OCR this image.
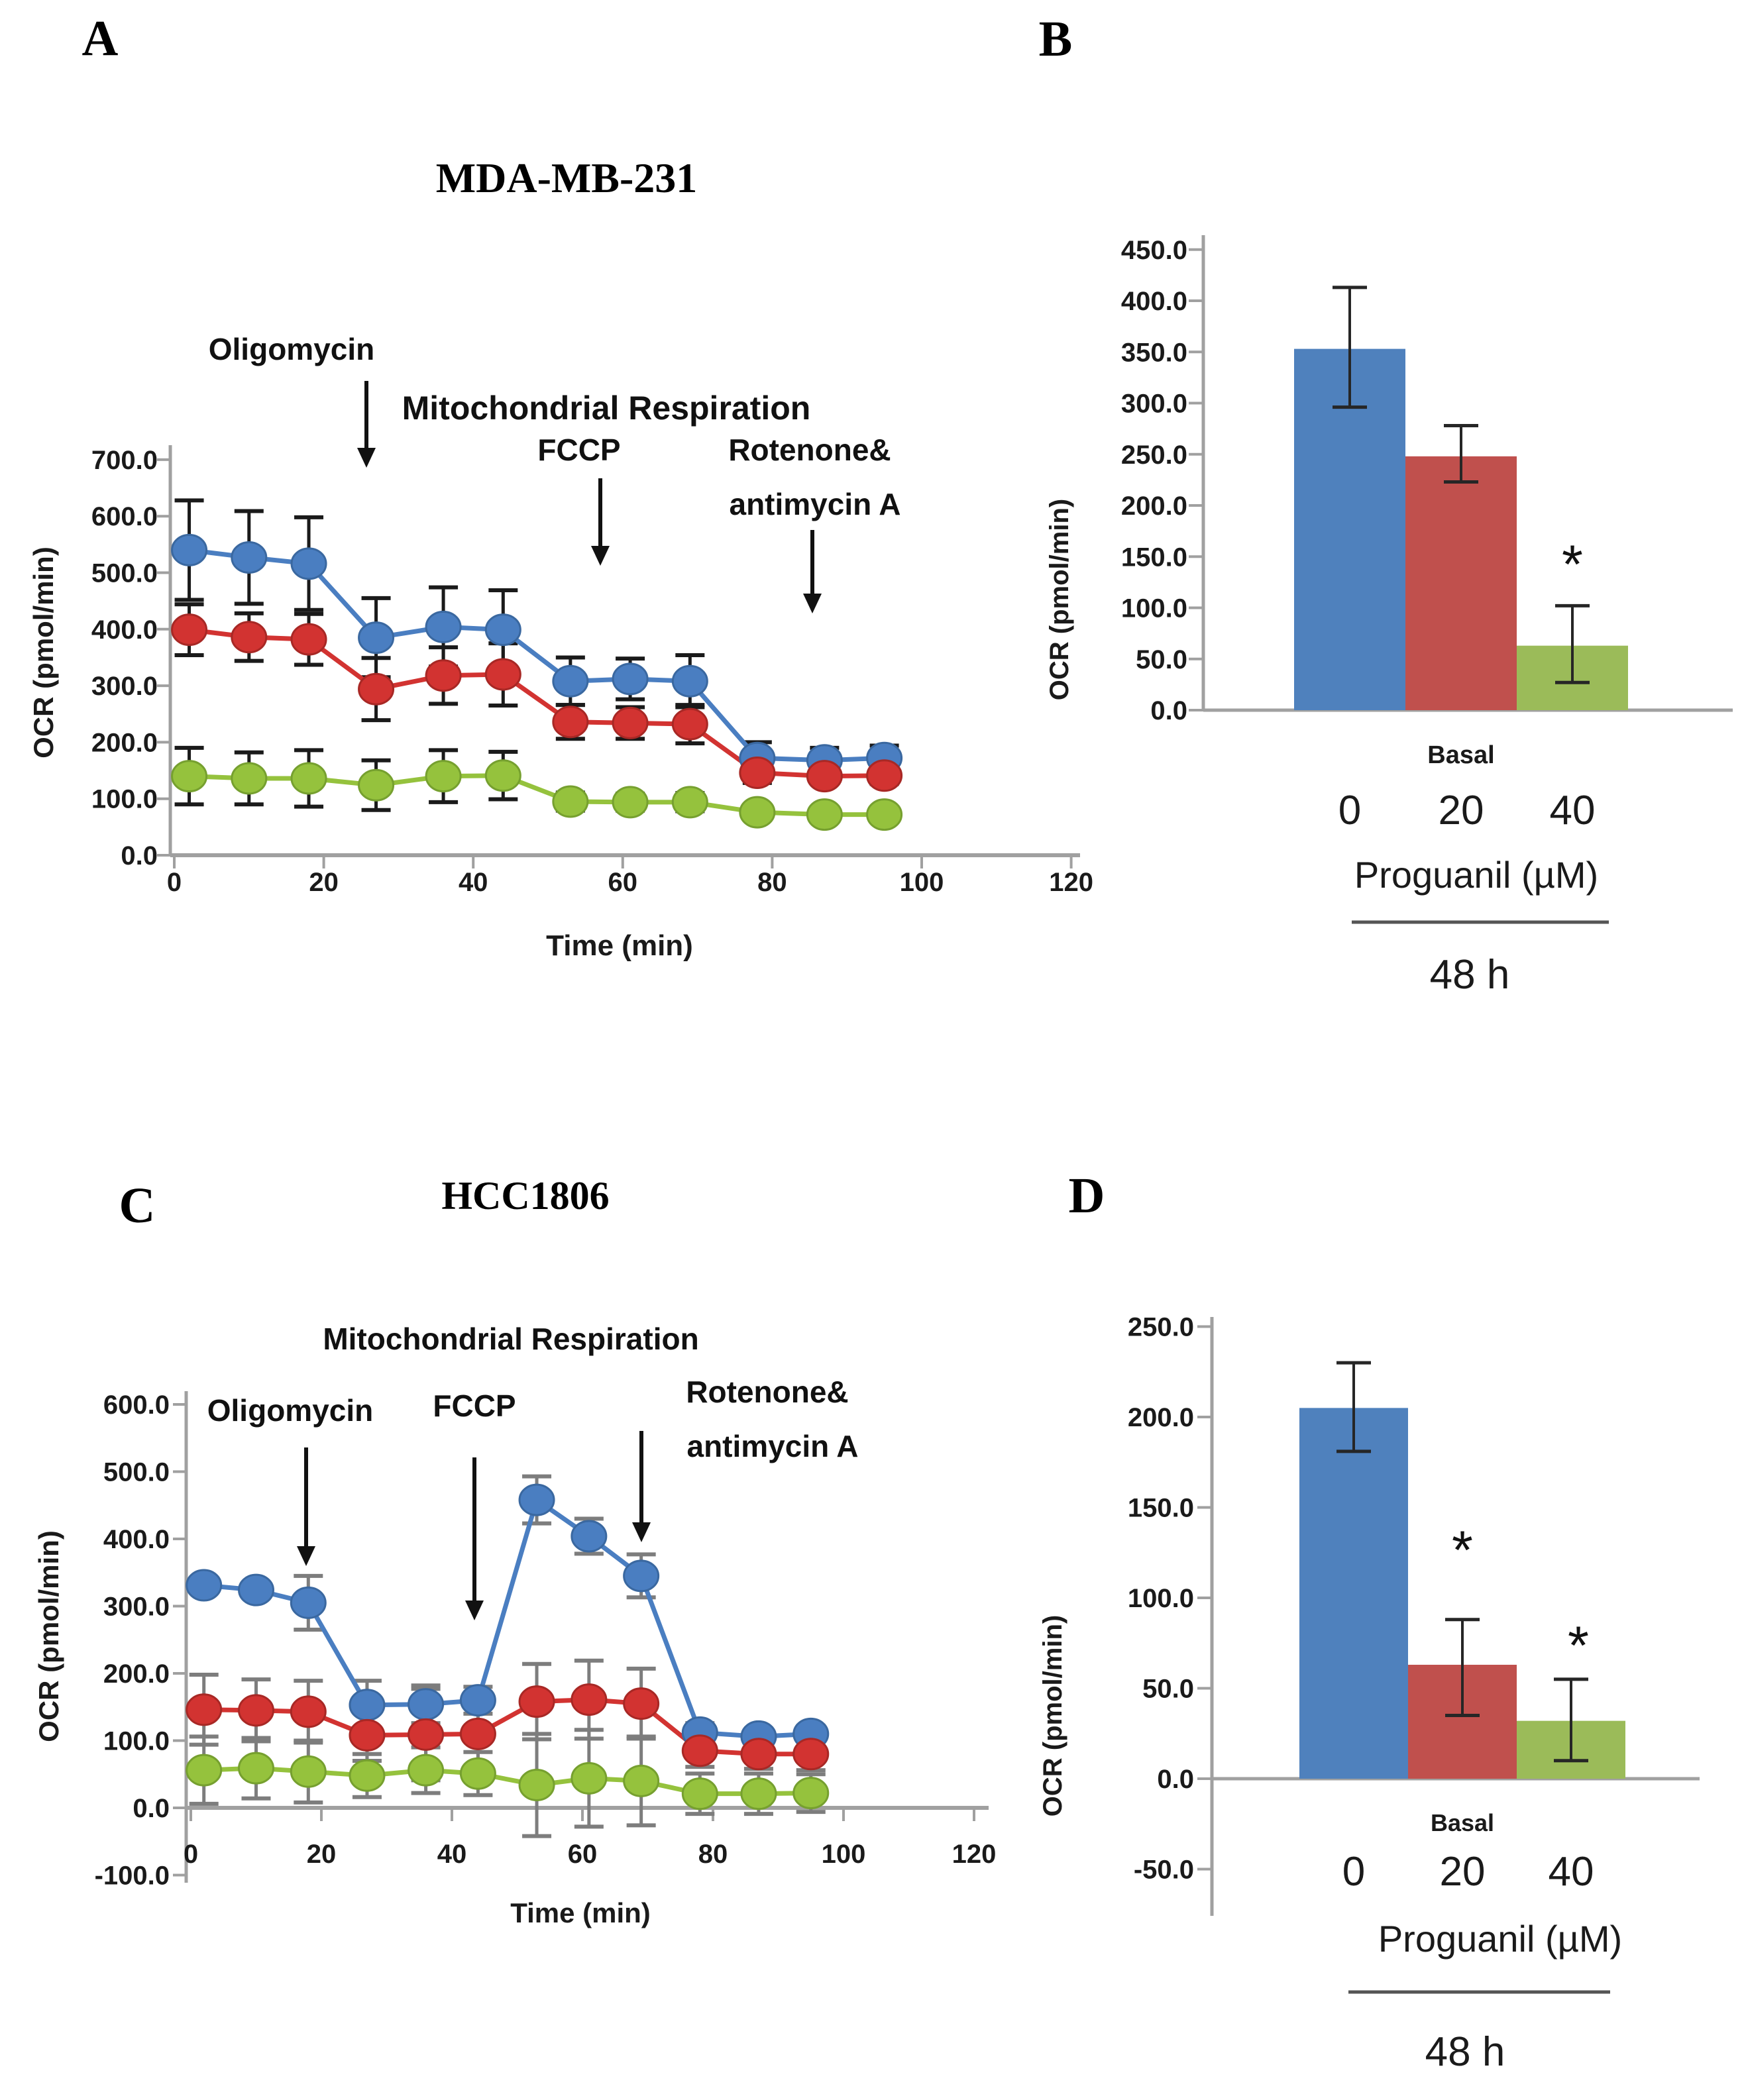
A
MDA-MB-231
700.0
600.0
500.0
400.0
300.0
200.0
100.0
0.0
0	20	40	60	80	100	120
OCR (pmol/min)
Time (min)
Oligomycin
Mitochondrial Respiration
FCCP	Rotenone&
antimycin A
B
450.0
400.0
350.0
300.0
250.0
200.0
150.0
100.0
50.0
0.0
OCR (pmol/min)	*
Basal
0 20 40
Proguanil (µM)
48 h
C	HCC1806
600.0
500.0
400.0
300.0
200.0
100.0
0.0
-100.0
0	20	40	60	80	100	120
OCR (pmol/min)
Time (min)
Mitochondrial Respiration
Oligomycin FCCP	Rotenone&
antimycin A
D
250.0
200.0
150.0
100.0
50.0
0.0
-50.0
OCR (pmol/min)
*
*
Basal
0 20 40
Proguanil (µM)
48 h
